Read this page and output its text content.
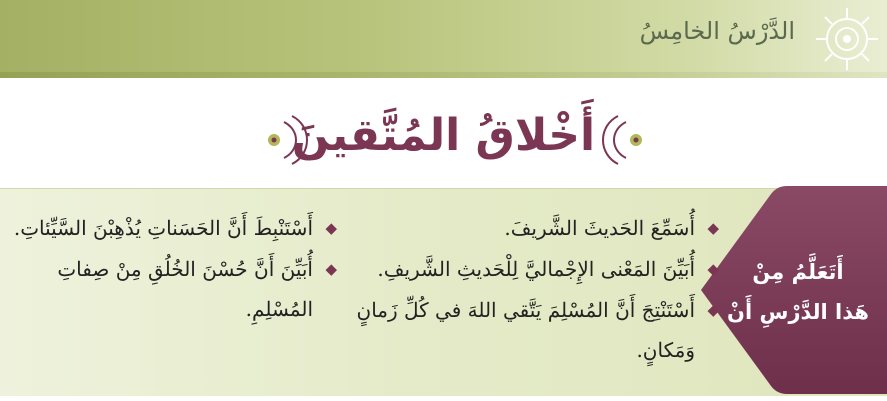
الدَّرْسُ الخامِسُ
أَخْلاقُ المُتَّقينَ
أَتَعَلَّمُ مِنْ
هَذا الدَّرْسِ أَنْ
◆
أُسَمِّعَ الحَديثَ الشَّريفَ.
◆
أُبَيِّنَ المَعْنى الإِجْماليَّ لِلْحَديثِ الشَّريفِ.
◆
أَسْتَنْتِجَ أَنَّ المُسْلِمَ يَتَّقي اللهَ في كُلِّ زَمانٍ وَمَكانٍ.
◆
أَسْتَنْبِطَ أَنَّ الحَسَناتِ يُذْهِبْنَ السَّيِّئاتِ.
◆
أُبَيِّنَ أَنَّ حُسْنَ الخُلُقِ مِنْ صِفاتِ المُسْلِمِ.
